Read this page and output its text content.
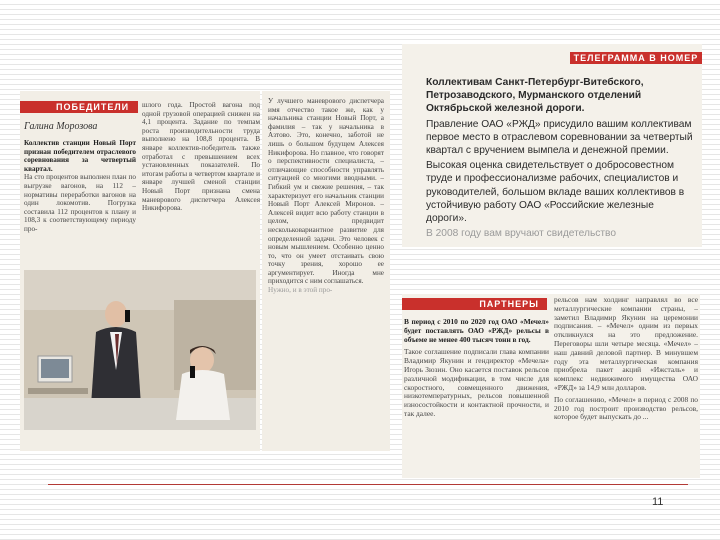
ПОБЕДИТЕЛИ
Галина Морозова

Коллектив станции Новый Порт признан победителем отраслевого соревнования за четвертый квартал.

На сто процентов выполнен план по выгрузке вагонов, на 112 – нормативы переработки вагонов на один локомотив. Погрузка составила 112 процентов к плану и 108,3 к соответствующему периоду про-

шлого года. Простой вагона под одной грузовой операцией снижен на 4,1 процента. Задание по темпам роста производительности труда выполнено на 108,8 процента. В январе коллектив-победитель также отработал с превышением всех установленных показателей. По итогам работы в четвертом квартале и январе лучшей сменой станции Новый Порт признана смена маневрового диспетчера Алексея Никифорова.

У лучшего маневрового диспетчера имя отчество такое же, как у начальника станции Новый Порт, а фамилия – так у начальника в Азтово. Это, конечно, заботой не лишь о большом будущем Алексея Никифорова. Но главное, что говорят о перспективности специалиста, – отличающие способности управлять ситуацией со многими вводными. – Гибкий ум и свежие решения, – так характеризует его начальник станции Новый Порт Алексей Миронов. – Алексей видит всю работу станции в целом, предвидит нескольковариантное развитие для определенной задачи. Это человек с новым мышлением. Особенно ценно то, что он умеет отстаивать свою точку зрения, хорошо ее аргументирует. Иногда мне приходится с ним соглашаться.

Нужно, и в этой про-

ТЕЛЕГРАММА В НОМЕР

Коллективам Санкт-Петербург-Витебского, Петрозаводского, Мурманского отделений Октябрьской железной дороги.

Правление ОАО «РЖД» присудило вашим коллективам первое место в отраслевом соревновании за четвертый квартал с вручением вымпела и денежной премии.

Высокая оценка свидетельствует о добросовестном труде и профессионализме рабочих, специалистов и руководителей, большом вкладе ваших коллективов в устойчивую работу ОАО «Российские железные дороги».

В 2008 году вам вручают свидетельство

ПАРТНЕРЫ

В период с 2010 по 2020 год ОАО «Мечел» будет поставлять ОАО «РЖД» рельсы в объеме не менее 400 тысяч тонн в год.

Такое соглашение подписали глава компании Владимир Якунин и гендиректор «Мечела» Игорь Зюзин. Оно касается поставок рельсов различной модификации, в том числе для скоростного, совмещенного движения, низкотемпературных, рельсов повышенной износостойкости и контактной прочности, и так далее.

рельсов нам холдинг направлял во все металлургические компании страны, – заметил Владимир Якунин на церемонии подписания. – «Мечел» одним из первых откликнулся на это предложение. Переговоры шли четыре месяца. «Мечел» – наш давний деловой партнер. В минувшем году эта металлургическая компания приобрела пакет акций «Ижсталь» и комплекс недвижимого имущества ОАО «РЖД» за 14,9 млн долларов.

По соглашению, «Мечел» в период с 2008 по 2010 год построит производство рельсов, которое будет выпускать до ...

11
